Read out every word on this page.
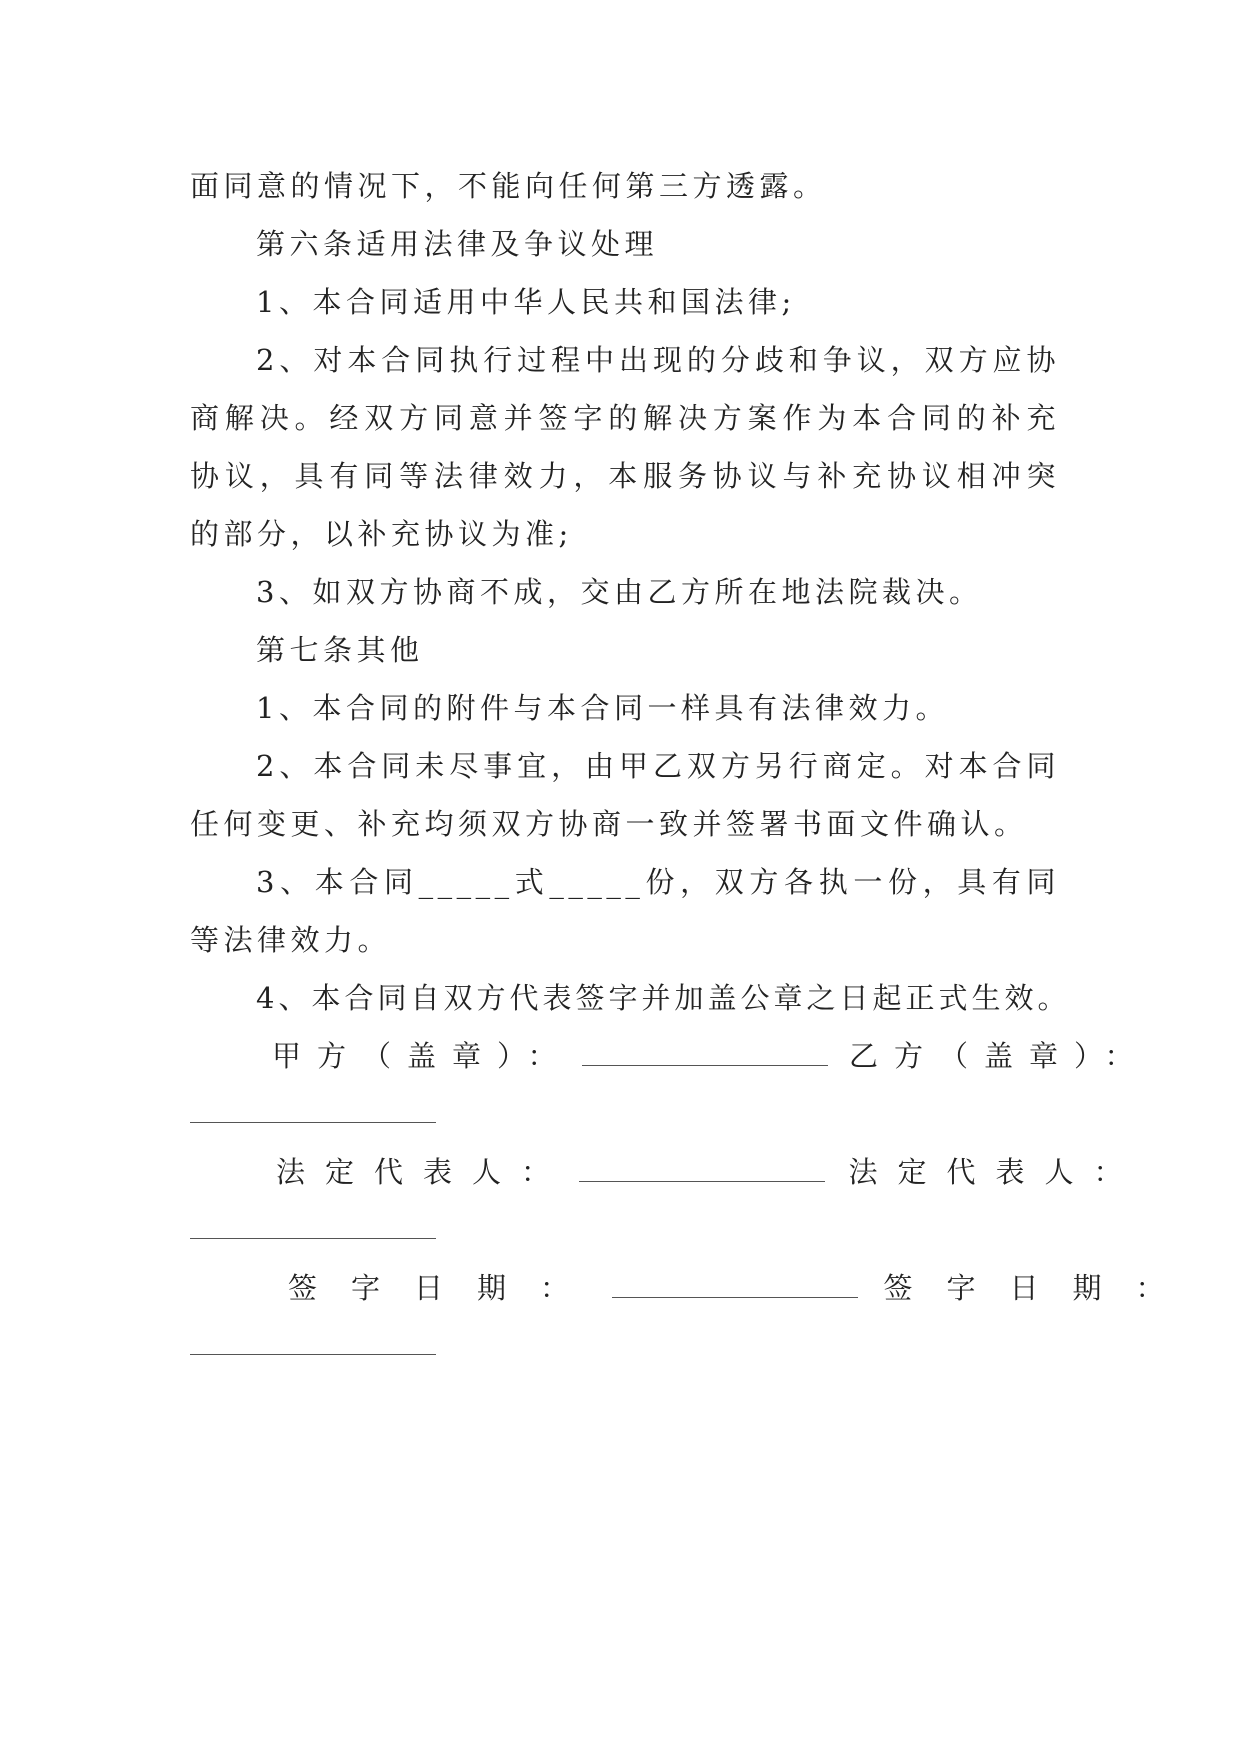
面同意的情况下，不能向任何第三方透露。

第六条适用法律及争议处理

1、本合同适用中华人民共和国法律;

2、对本合同执行过程中出现的分歧和争议，双方应协商解决。经双方同意并签字的解决方案作为本合同的补充协议，具有同等法律效力，本服务协议与补充协议相冲突的部分，以补充协议为准;

3、如双方协商不成，交由乙方所在地法院裁决。

第七条其他

1、本合同的附件与本合同一样具有法律效力。

2、本合同未尽事宜，由甲乙双方另行商定。对本合同任何变更、补充均须双方协商一致并签署书面文件确认。

3、本合同_____式_____份，双方各执一份，具有同等法律效力。

4、本合同自双方代表签字并加盖公章之日起正式生效。

甲方（盖章）：	乙方（盖章）：
法定代表人：	法定代表人：
签字日期：	签字日期：
